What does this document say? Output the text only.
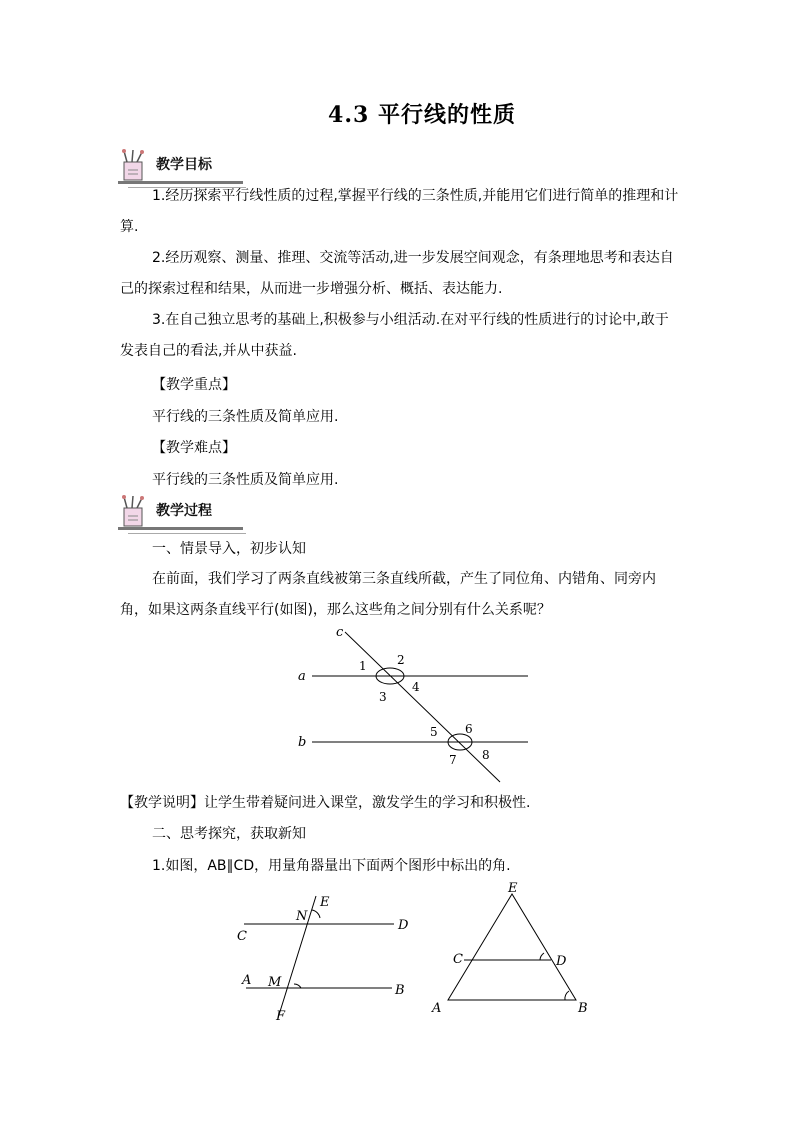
4.3 平行线的性质
教学目标

1.经历探索平行线性质的过程,掌握平行线的三条性质,并能用它们进行简单的推理和计算.

2.经历观察、测量、推理、交流等活动,进一步发展空间观念，有条理地思考和表达自己的探索过程和结果，从而进一步增强分析、概括、表达能力.

3.在自己独立思考的基础上,积极参与小组活动.在对平行线的性质进行的讨论中,敢于发表自己的看法,并从中获益.

【教学重点】

平行线的三条性质及简单应用.

【教学难点】

平行线的三条性质及简单应用.

教学过程

一、情景导入，初步认知

在前面，我们学习了两条直线被第三条直线所截，产生了同位角、内错角、同旁内角，如果这两条直线平行(如图)，那么这些角之间分别有什么关系呢？

c
a
b
1	2
3
4
5 6
7 8

【教学说明】让学生带着疑问进入课堂，激发学生的学习和积极性.

二、思考探究，获取新知

1.如图，AB∥CD，用量角器量出下面两个图形中标出的角.

N
E
D
C
A M
B
F
E
C	D
A	B
